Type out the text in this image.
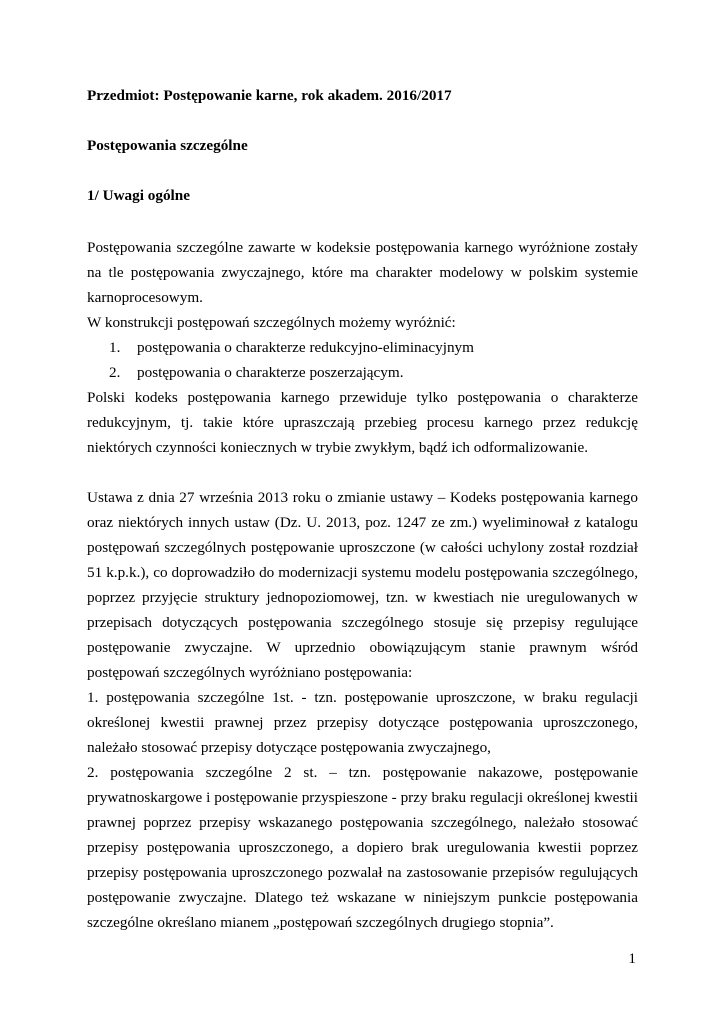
Przedmiot: Postępowanie karne, rok akadem. 2016/2017
Postępowania szczególne
1/ Uwagi ogólne

Postępowania szczególne zawarte w kodeksie postępowania karnego wyróżnione zostały na tle postępowania zwyczajnego, które ma charakter modelowy w polskim systemie karnoprocesowym.

W konstrukcji postępowań szczególnych możemy wyróżnić:

1.	postępowania o charakterze redukcyjno-eliminacyjnym
2.	postępowania o charakterze poszerzającym.

Polski kodeks postępowania karnego przewiduje tylko postępowania o charakterze redukcyjnym, tj. takie które upraszczają przebieg procesu karnego przez redukcję niektórych czynności koniecznych w trybie zwykłym, bądź ich odformalizowanie.

Ustawa z dnia 27 września 2013 roku o zmianie ustawy – Kodeks postępowania karnego oraz niektórych innych ustaw (Dz. U. 2013, poz. 1247 ze zm.) wyeliminował z katalogu postępowań szczególnych postępowanie uproszczone (w całości uchylony został rozdział 51 k.p.k.), co doprowadziło do modernizacji systemu modelu postępowania szczególnego, poprzez przyjęcie struktury jednopoziomowej, tzn. w kwestiach nie uregulowanych w przepisach dotyczących postępowania szczególnego stosuje się przepisy regulujące postępowanie zwyczajne. W uprzednio obowiązującym stanie prawnym wśród postępowań szczególnych wyróżniano postępowania:

1. postępowania szczególne 1st. - tzn. postępowanie uproszczone, w braku regulacji określonej kwestii prawnej przez przepisy dotyczące postępowania uproszczonego, należało stosować przepisy dotyczące postępowania zwyczajnego,

2. postępowania szczególne 2 st. – tzn. postępowanie nakazowe, postępowanie prywatnoskargowe i postępowanie przyspieszone - przy braku regulacji określonej kwestii prawnej poprzez przepisy wskazanego postępowania szczególnego, należało stosować przepisy postępowania uproszczonego, a dopiero brak uregulowania kwestii poprzez przepisy postępowania uproszczonego pozwalał na zastosowanie przepisów regulujących postępowanie zwyczajne. Dlatego też wskazane w niniejszym punkcie postępowania szczególne określano mianem „postępowań szczególnych drugiego stopnia”.

1
